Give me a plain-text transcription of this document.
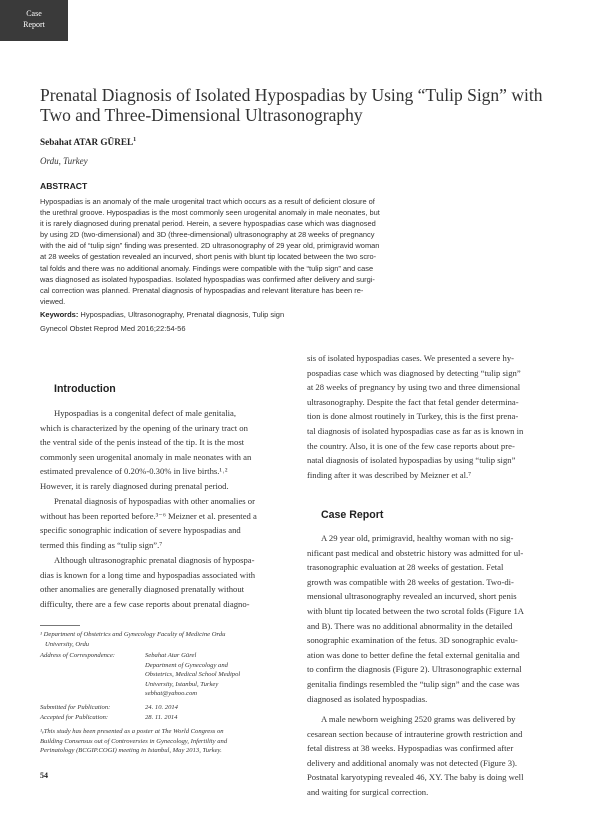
Case
Report
Prenatal Diagnosis of Isolated Hypospadias by Using “Tulip Sign” with Two and Three-Dimensional Ultrasonography
Sebahat ATAR GÜREL$^1$
Ordu, Turkey
ABSTRACT
Hypospadias is an anomaly of the male urogenital tract which occurs as a result of deficient closure of
the urethral groove. Hypospadias is the most commonly seen urogenital anomaly in male neonates, but
it is rarely diagnosed during prenatal period. Herein, a severe hypospadias case which was diagnosed
by using 2D (two-dimensional) and 3D (three-dimensional) ultrasonography at 28 weeks of pregnancy
with the aid of “tulip sign” finding was presented. 2D ultrasonography of 29 year old, primigravid woman
at 28 weeks of gestation revealed an incurved, short penis with blunt tip located between the two scro-
tal folds and there was no additional anomaly. Findings were compatible with the “tulip sign” and case
was diagnosed as isolated hypospadias. Isolated hypospadias was confirmed after delivery and surgi-
cal correction was planned. Prenatal diagnosis of hypospadias and relevant literature has been re-
viewed.
Keywords: Hypospadias, Ultrasonography, Prenatal diagnosis, Tulip sign
Gynecol Obstet Reprod Med 2016;22:54-56
Introduction
Hypospadias is a congenital defect of male genitalia,
which is characterized by the opening of the urinary tract on
the ventral side of the penis instead of the tip. It is the most
commonly seen urogenital anomaly in male neonates with an
estimated prevalence of 0.20%-0.30% in live births.¹˒²
However, it is rarely diagnosed during prenatal period.
Prenatal diagnosis of hypospadias with other anomalies or
without has been reported before.³⁻⁶ Meizner et al. presented a
specific sonographic indication of severe hypospadias and
termed this finding as “tulip sign”.⁷
Although ultrasonographic prenatal diagnosis of hypospa-
dias is known for a long time and hypospadias associated with
other anomalies are generally diagnosed prenatally without
difficulty, there are a few case reports about prenatal diagno-
¹ Department of Obstetrics and Gynecology Faculty of Medicine Ordu
University, Ordu
Address of Correspondence:	Sebahat Atar Gürel
Department of Gynecology and
Obstetrics, Medical School Medipol
University, Istanbul, Turkey
sebhat@yahoo.com
Submitted for Publication:	24. 10. 2014
Accepted for Publication:	28. 11. 2014
¹ₑThis study has been presented as a poster at The World Congress on
Building Consensus out of Controversies in Gynecology, Infertility and
Perinatology (BCGIP.COGI) meeting in Istanbul, May 2013, Turkey.
54
sis of isolated hypospadias cases. We presented a severe hy-
pospadias case which was diagnosed by detecting “tulip sign”
at 28 weeks of pregnancy by using two and three dimensional
ultrasonography. Despite the fact that fetal gender determina-
tion is done almost routinely in Turkey, this is the first prena-
tal diagnosis of isolated hypospadias case as far as is known in
the country. Also, it is one of the few case reports about pre-
natal diagnosis of isolated hypospadias by using “tulip sign”
finding after it was described by Meizner et al.⁷
Case Report
A 29 year old, primigravid, healthy woman with no sig-
nificant past medical and obstetric history was admitted for ul-
trasonographic evaluation at 28 weeks of gestation. Fetal
growth was compatible with 28 weeks of gestation. Two-di-
mensional ultrasonography revealed an incurved, short penis
with blunt tip located between the two scrotal folds (Figure 1A
and B). There was no additional abnormality in the detailed
sonographic examination of the fetus. 3D sonographic evalu-
ation was done to better define the fetal external genitalia and
to confirm the diagnosis (Figure 2). Ultrasonographic external
genitalia findings resembled the “tulip sign” and the case was
diagnosed as isolated hypospadias.
A male newborn weighing 2520 grams was delivered by
cesarean section because of intrauterine growth restriction and
fetal distress at 38 weeks. Hypospadias was confirmed after
delivery and additional anomaly was not detected (Figure 3).
Postnatal karyotyping revealed 46, XY. The baby is doing well
and waiting for surgical correction.
